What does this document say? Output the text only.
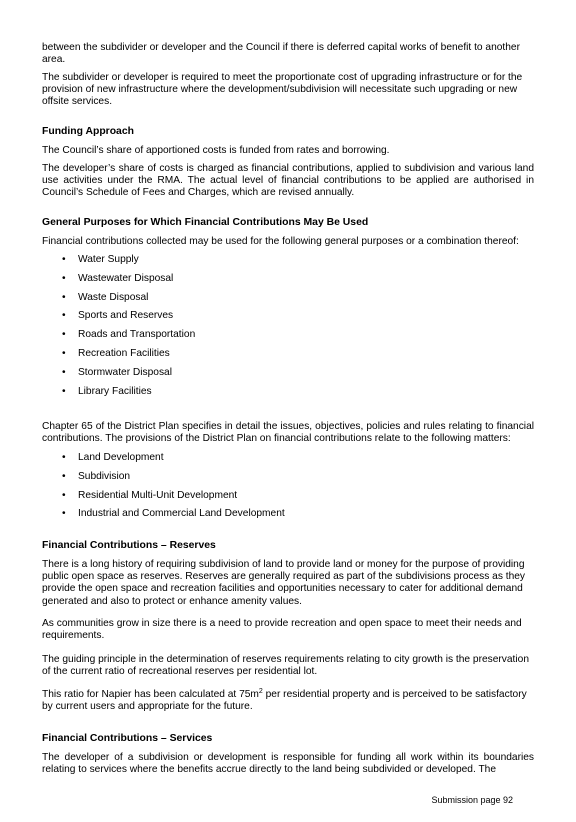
between the subdivider or developer and the Council if there is deferred capital works of benefit to another area.

The subdivider or developer is required to meet the proportionate cost of upgrading infrastructure or for the provision of new infrastructure where the development/subdivision will necessitate such upgrading or new offsite services.

Funding Approach

The Council’s share of apportioned costs is funded from rates and borrowing.

The developer’s share of costs is charged as financial contributions, applied to subdivision and various land use activities under the RMA. The actual level of financial contributions to be applied are authorised in Council’s Schedule of Fees and Charges, which are revised annually.

General Purposes for Which Financial Contributions May Be Used

Financial contributions collected may be used for the following general purposes or a combination thereof:

• Water Supply
• Wastewater Disposal
• Waste Disposal
• Sports and Reserves
• Roads and Transportation
• Recreation Facilities
• Stormwater Disposal
• Library Facilities

Chapter 65 of the District Plan specifies in detail the issues, objectives, policies and rules relating to financial contributions. The provisions of the District Plan on financial contributions relate to the following matters:

• Land Development
• Subdivision
• Residential Multi-Unit Development
• Industrial and Commercial Land Development
Financial Contributions – Reserves

There is a long history of requiring subdivision of land to provide land or money for the purpose of providing public open space as reserves. Reserves are generally required as part of the subdivisions process as they provide the open space and recreation facilities and opportunities necessary to cater for additional demand generated and also to protect or enhance amenity values.

As communities grow in size there is a need to provide recreation and open space to meet their needs and requirements.

The guiding principle in the determination of reserves requirements relating to city growth is the preservation of the current ratio of recreational reserves per residential lot.

This ratio for Napier has been calculated at $75m^2$ per residential property and is perceived to be satisfactory by current users and appropriate for the future.

Financial Contributions – Services

The developer of a subdivision or development is responsible for funding all work within its boundaries relating to services where the benefits accrue directly to the land being subdivided or developed. The

Submission page 92
